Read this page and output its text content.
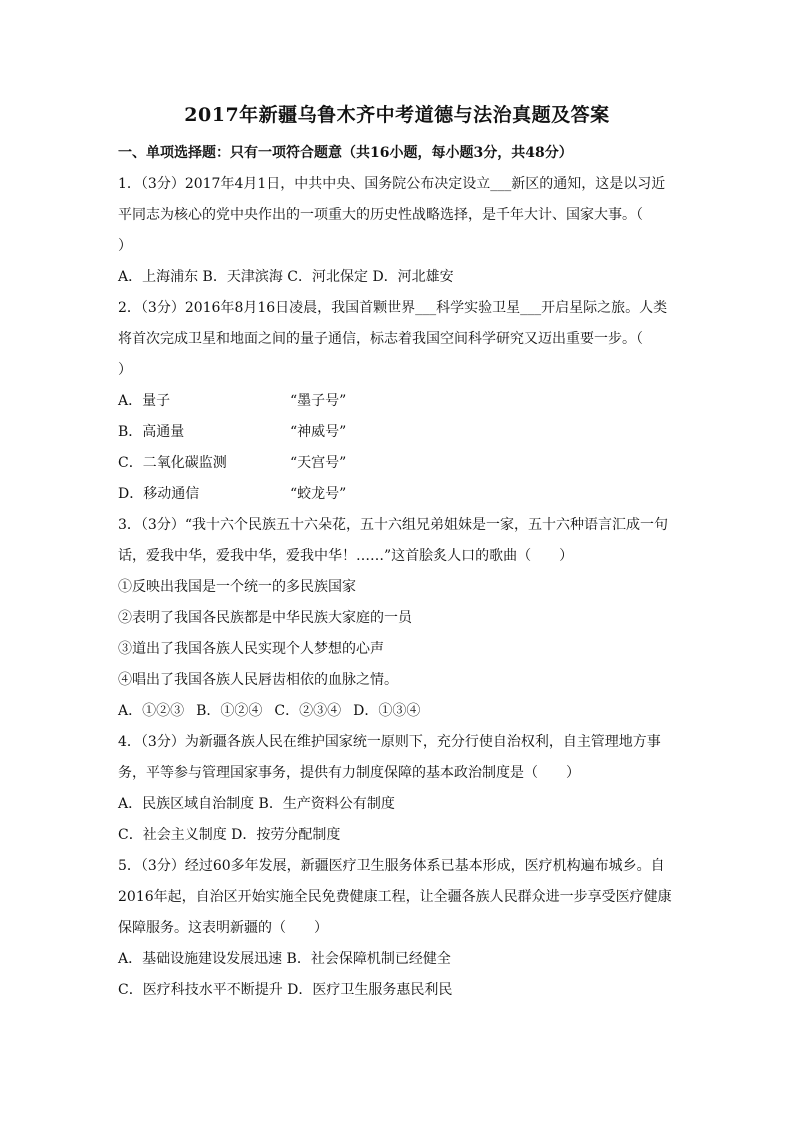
2017年新疆乌鲁木齐中考道德与法治真题及答案
一、单项选择题：只有一项符合题意（共16小题，每小题3分，共48分）
1．（3分）2017年4月1日，中共中央、国务院公布决定设立___新区的通知，这是以习近
平同志为核心的党中央作出的一项重大的历史性战略选择，是千年大计、国家大事。（
）
A．上海浦东 B．天津滨海 C．河北保定 D．河北雄安
2．（3分）2016年8月16日凌晨，我国首颗世界___科学实验卫星___开启星际之旅。人类
将首次完成卫星和地面之间的量子通信，标志着我国空间科学研究又迈出重要一步。（
）
A．量子	“墨子号”
B．高通量	“神威号”
C．二氧化碳监测	“天宫号”
D．移动通信	“蛟龙号”
3．（3分）“我十六个民族五十六朵花，五十六组兄弟姐妹是一家，五十六种语言汇成一句
话，爱我中华，爱我中华，爱我中华！……”这首脍炙人口的歌曲（　　）
①反映出我国是一个统一的多民族国家
②表明了我国各民族都是中华民族大家庭的一员
③道出了我国各族人民实现个人梦想的心声
④唱出了我国各族人民唇齿相依的血脉之情。
A．①②③ B．①②④ C．②③④ D．①③④
4．（3分）为新疆各族人民在维护国家统一原则下，充分行使自治权利，自主管理地方事
务，平等参与管理国家事务，提供有力制度保障的基本政治制度是（　　）
A．民族区域自治制度 B．生产资料公有制度
C．社会主义制度 D．按劳分配制度
5．（3分）经过60多年发展，新疆医疗卫生服务体系已基本形成，医疗机构遍布城乡。自
2016年起，自治区开始实施全民免费健康工程，让全疆各族人民群众进一步享受医疗健康
保障服务。这表明新疆的（　　）
A．基础设施建设发展迅速 B．社会保障机制已经健全
C．医疗科技水平不断提升 D．医疗卫生服务惠民利民
